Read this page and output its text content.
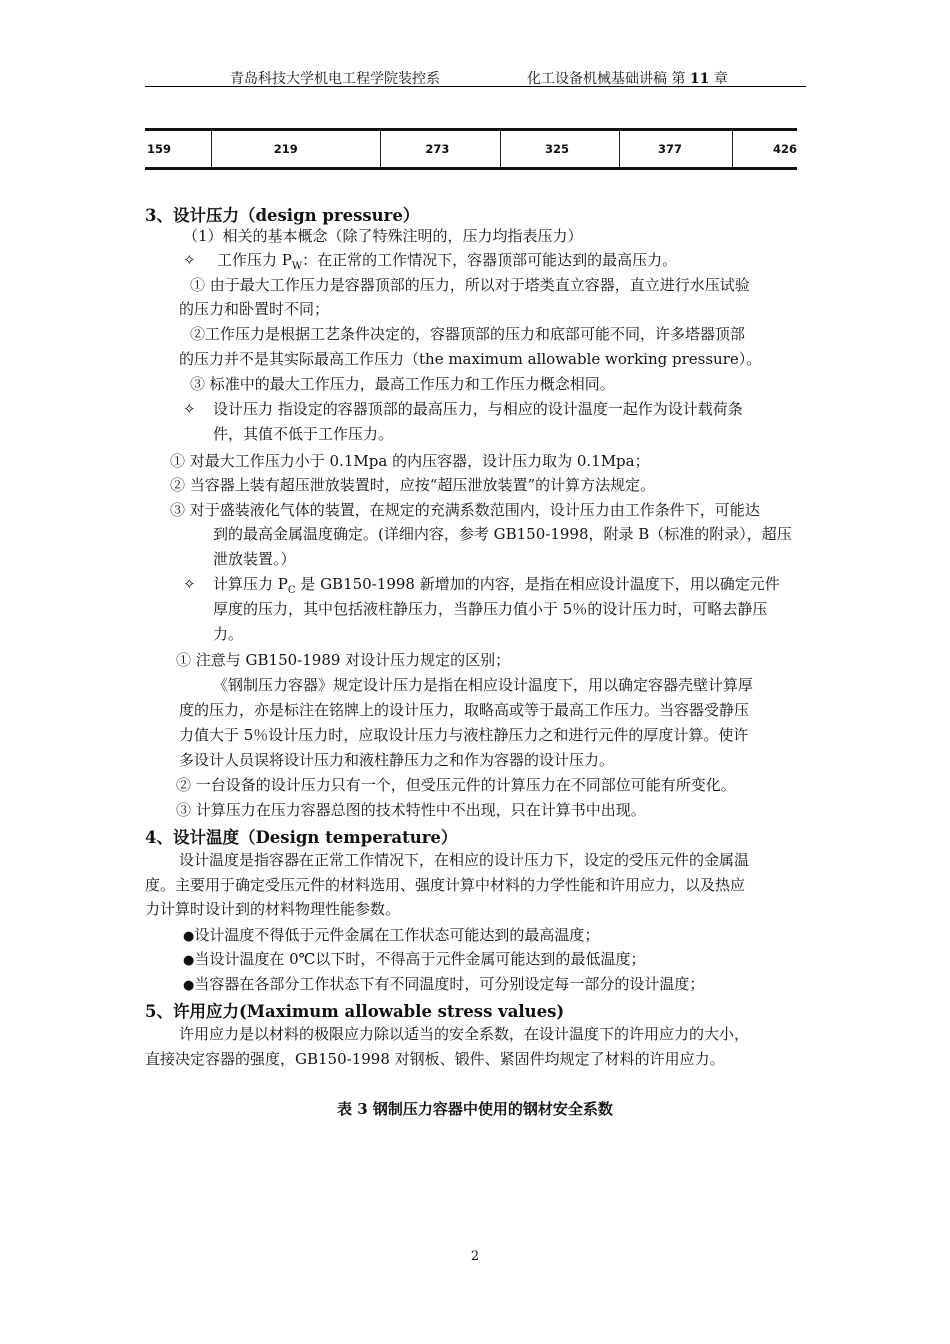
青岛科技大学机电工程学院装控系	化工设备机械基础讲稿 第 11 章
159	219	273	325	377	426
3、设计压力（design pressure）
（1）相关的基本概念（除了特殊注明的，压力均指表压力）
✧ 工作压力 $P_W$：在正常的工作情况下，容器顶部可能达到的最高压力。
① 由于最大工作压力是容器顶部的压力，所以对于塔类直立容器，直立进行水压试验
的压力和卧置时不同；
②工作压力是根据工艺条件决定的，容器顶部的压力和底部可能不同，许多塔器顶部
的压力并不是其实际最高工作压力（the maximum allowable working pressure）。
③ 标准中的最大工作压力，最高工作压力和工作压力概念相同。
✧ 设计压力 指设定的容器顶部的最高压力，与相应的设计温度一起作为设计载荷条
件，其值不低于工作压力。
① 对最大工作压力小于 0.1Mpa 的内压容器，设计压力取为 0.1Mpa；
② 当容器上装有超压泄放装置时，应按“超压泄放装置”的计算方法规定。
③ 对于盛装液化气体的装置，在规定的充满系数范围内，设计压力由工作条件下，可能达
到的最高金属温度确定。(详细内容，参考 GB150-1998，附录 B（标准的附录），超压
泄放装置。）
✧ 计算压力 $P_C$ 是 GB150-1998 新增加的内容，是指在相应设计温度下，用以确定元件
厚度的压力，其中包括液柱静压力，当静压力值小于 5％的设计压力时，可略去静压
力。
① 注意与 GB150-1989 对设计压力规定的区别；
《钢制压力容器》规定设计压力是指在相应设计温度下，用以确定容器壳壁计算厚
度的压力，亦是标注在铭牌上的设计压力，取略高或等于最高工作压力。当容器受静压
力值大于 5％设计压力时，应取设计压力与液柱静压力之和进行元件的厚度计算。使许
多设计人员误将设计压力和液柱静压力之和作为容器的设计压力。
② 一台设备的设计压力只有一个，但受压元件的计算压力在不同部位可能有所变化。
③ 计算压力在压力容器总图的技术特性中不出现，只在计算书中出现。
4、设计温度（Design temperature）
设计温度是指容器在正常工作情况下，在相应的设计压力下，设定的受压元件的金属温
度。主要用于确定受压元件的材料选用、强度计算中材料的力学性能和许用应力，以及热应
力计算时设计到的材料物理性能参数。
●设计温度不得低于元件金属在工作状态可能达到的最高温度；
●当设计温度在 0℃以下时，不得高于元件金属可能达到的最低温度；
●当容器在各部分工作状态下有不同温度时，可分别设定每一部分的设计温度；
5、许用应力(Maximum allowable stress values)
许用应力是以材料的极限应力除以适当的安全系数，在设计温度下的许用应力的大小，
直接决定容器的强度，GB150-1998 对钢板、锻件、紧固件均规定了材料的许用应力。
表 3 钢制压力容器中使用的钢材安全系数
2
